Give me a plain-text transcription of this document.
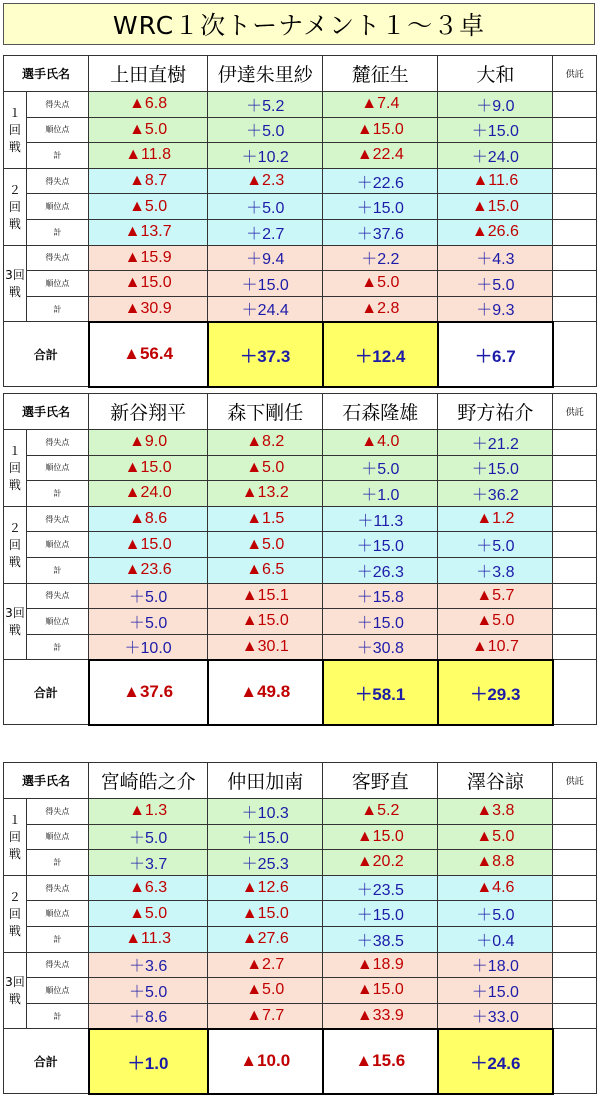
WRC１次トーナメント１〜３卓
選手氏名		上田直樹	伊達朱里紗	麓征生	大和	供託
１回戦	得失点	▲6.8	＋5.2	▲7.4	＋9.0	
	順位点	▲5.0	＋5.0	▲15.0	＋15.0	
	計	▲11.8	＋10.2	▲22.4	＋24.0	
２回戦	得失点	▲8.7	▲2.3	＋22.6	▲11.6	
	順位点	▲5.0	＋5.0	＋15.0	▲15.0	
	計	▲13.7	＋2.7	＋37.6	▲26.6	
3回戦	得失点	▲15.9	＋9.4	＋2.2	＋4.3	
	順位点	▲15.0	＋15.0	▲5.0	＋5.0	
	計	▲30.9	＋24.4	▲2.8	＋9.3	
合計		▲56.4	＋37.3	＋12.4	＋6.7	
選手氏名		新谷翔平	森下剛任	石森隆雄	野方祐介	供託
１回戦	得失点	▲9.0	▲8.2	▲4.0	＋21.2	
	順位点	▲15.0	▲5.0	＋5.0	＋15.0	
	計	▲24.0	▲13.2	＋1.0	＋36.2	
２回戦	得失点	▲8.6	▲1.5	＋11.3	▲1.2	
	順位点	▲15.0	▲5.0	＋15.0	＋5.0	
	計	▲23.6	▲6.5	＋26.3	＋3.8	
3回戦	得失点	＋5.0	▲15.1	＋15.8	▲5.7	
	順位点	＋5.0	▲15.0	＋15.0	▲5.0	
	計	＋10.0	▲30.1	＋30.8	▲10.7	
合計		▲37.6	▲49.8	＋58.1	＋29.3	
選手氏名		宮崎皓之介	仲田加南	客野直	澤谷諒	供託
１回戦	得失点	▲1.3	＋10.3	▲5.2	▲3.8	
	順位点	＋5.0	＋15.0	▲15.0	▲5.0	
	計	＋3.7	＋25.3	▲20.2	▲8.8	
２回戦	得失点	▲6.3	▲12.6	＋23.5	▲4.6	
	順位点	▲5.0	▲15.0	＋15.0	＋5.0	
	計	▲11.3	▲27.6	＋38.5	＋0.4	
3回戦	得失点	＋3.6	▲2.7	▲18.9	＋18.0	
	順位点	＋5.0	▲5.0	▲15.0	＋15.0	
	計	＋8.6	▲7.7	▲33.9	＋33.0	
合計		＋1.0	▲10.0	▲15.6	＋24.6	
